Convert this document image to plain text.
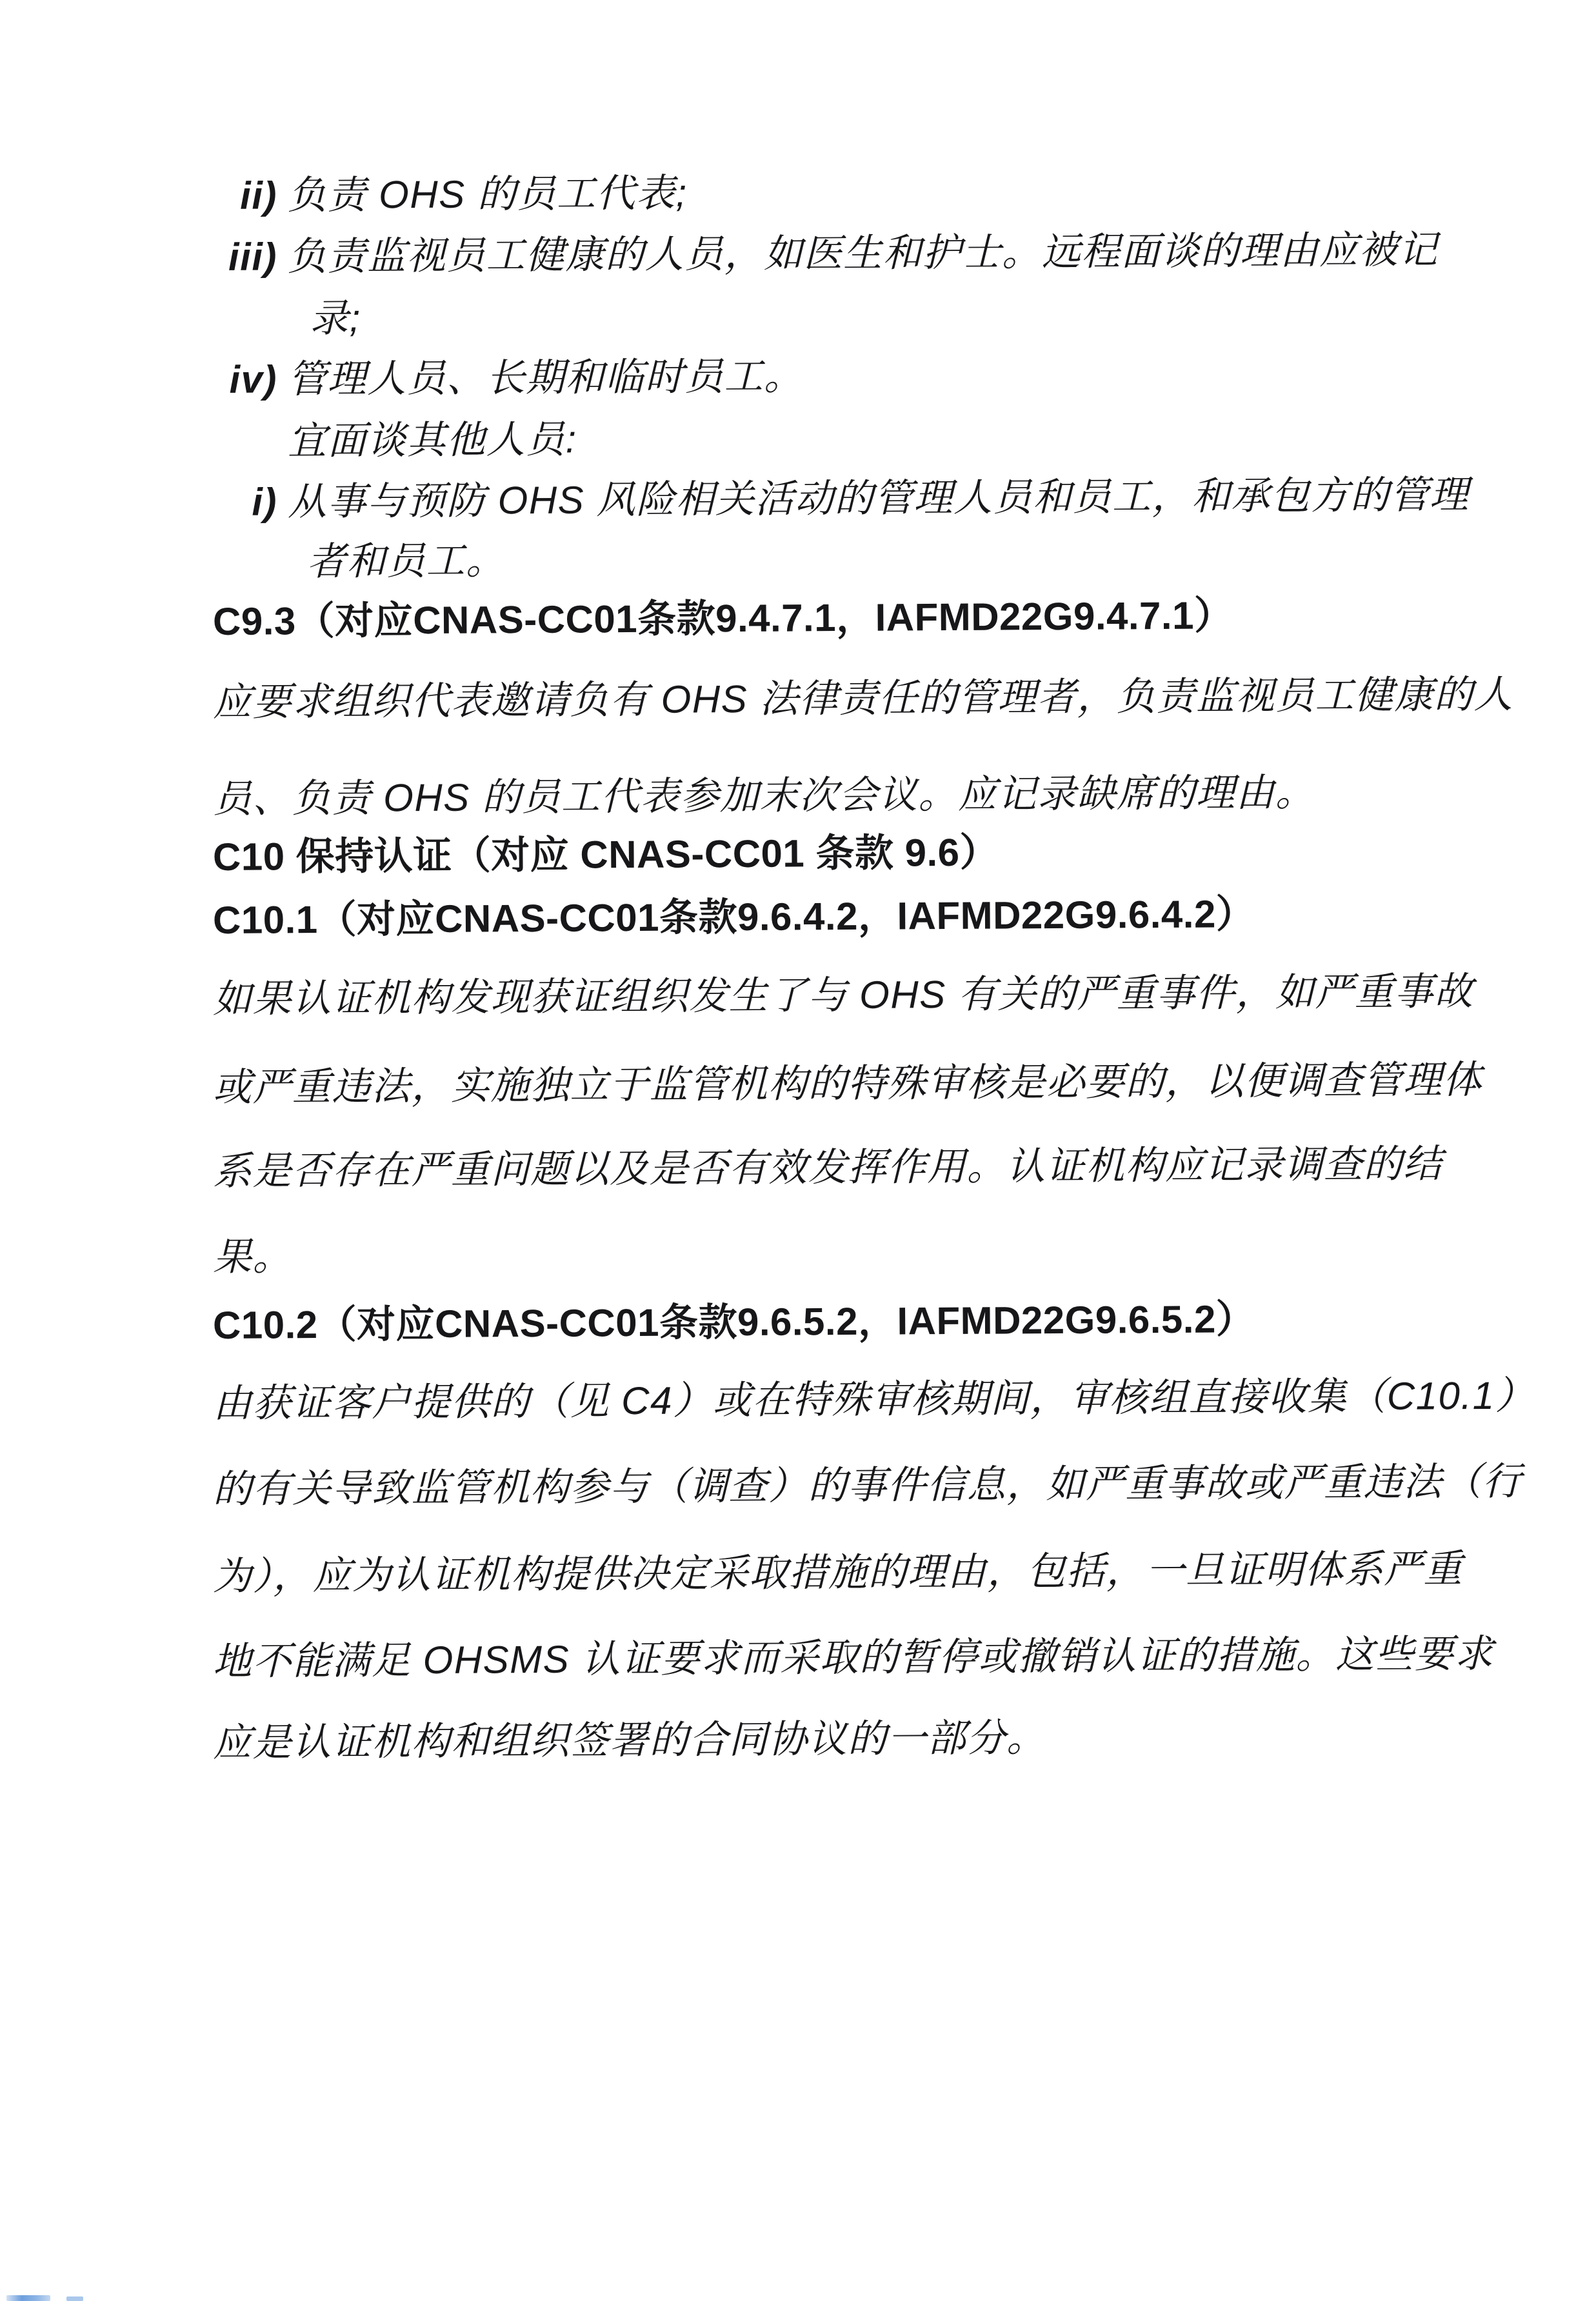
ii) 负责 OHS 的员工代表;
iii) 负责监视员工健康的人员，如医生和护士。远程面谈的理由应被记
录;
iv) 管理人员、长期和临时员工。
宜面谈其他人员:
i) 从事与预防 OHS 风险相关活动的管理人员和员工，和承包方的管理
者和员工。
C9.3（对应CNAS-CC01条款9.4.7.1，IAFMD22G9.4.7.1）
应要求组织代表邀请负有 OHS 法律责任的管理者，负责监视员工健康的人
员、负责 OHS 的员工代表参加末次会议。应记录缺席的理由。
C10 保持认证（对应 CNAS-CC01 条款 9.6）
C10.1（对应CNAS-CC01条款9.6.4.2，IAFMD22G9.6.4.2）
如果认证机构发现获证组织发生了与 OHS 有关的严重事件，如严重事故
或严重违法，实施独立于监管机构的特殊审核是必要的，以便调查管理体
系是否存在严重问题以及是否有效发挥作用。认证机构应记录调查的结
果。
C10.2（对应CNAS-CC01条款9.6.5.2，IAFMD22G9.6.5.2）
由获证客户提供的（见 C4）或在特殊审核期间，审核组直接收集（C10.1）
的有关导致监管机构参与（调查）的事件信息，如严重事故或严重违法（行
为），应为认证机构提供决定采取措施的理由，包括，一旦证明体系严重
地不能满足 OHSMS 认证要求而采取的暂停或撤销认证的措施。这些要求
应是认证机构和组织签署的合同协议的一部分。
